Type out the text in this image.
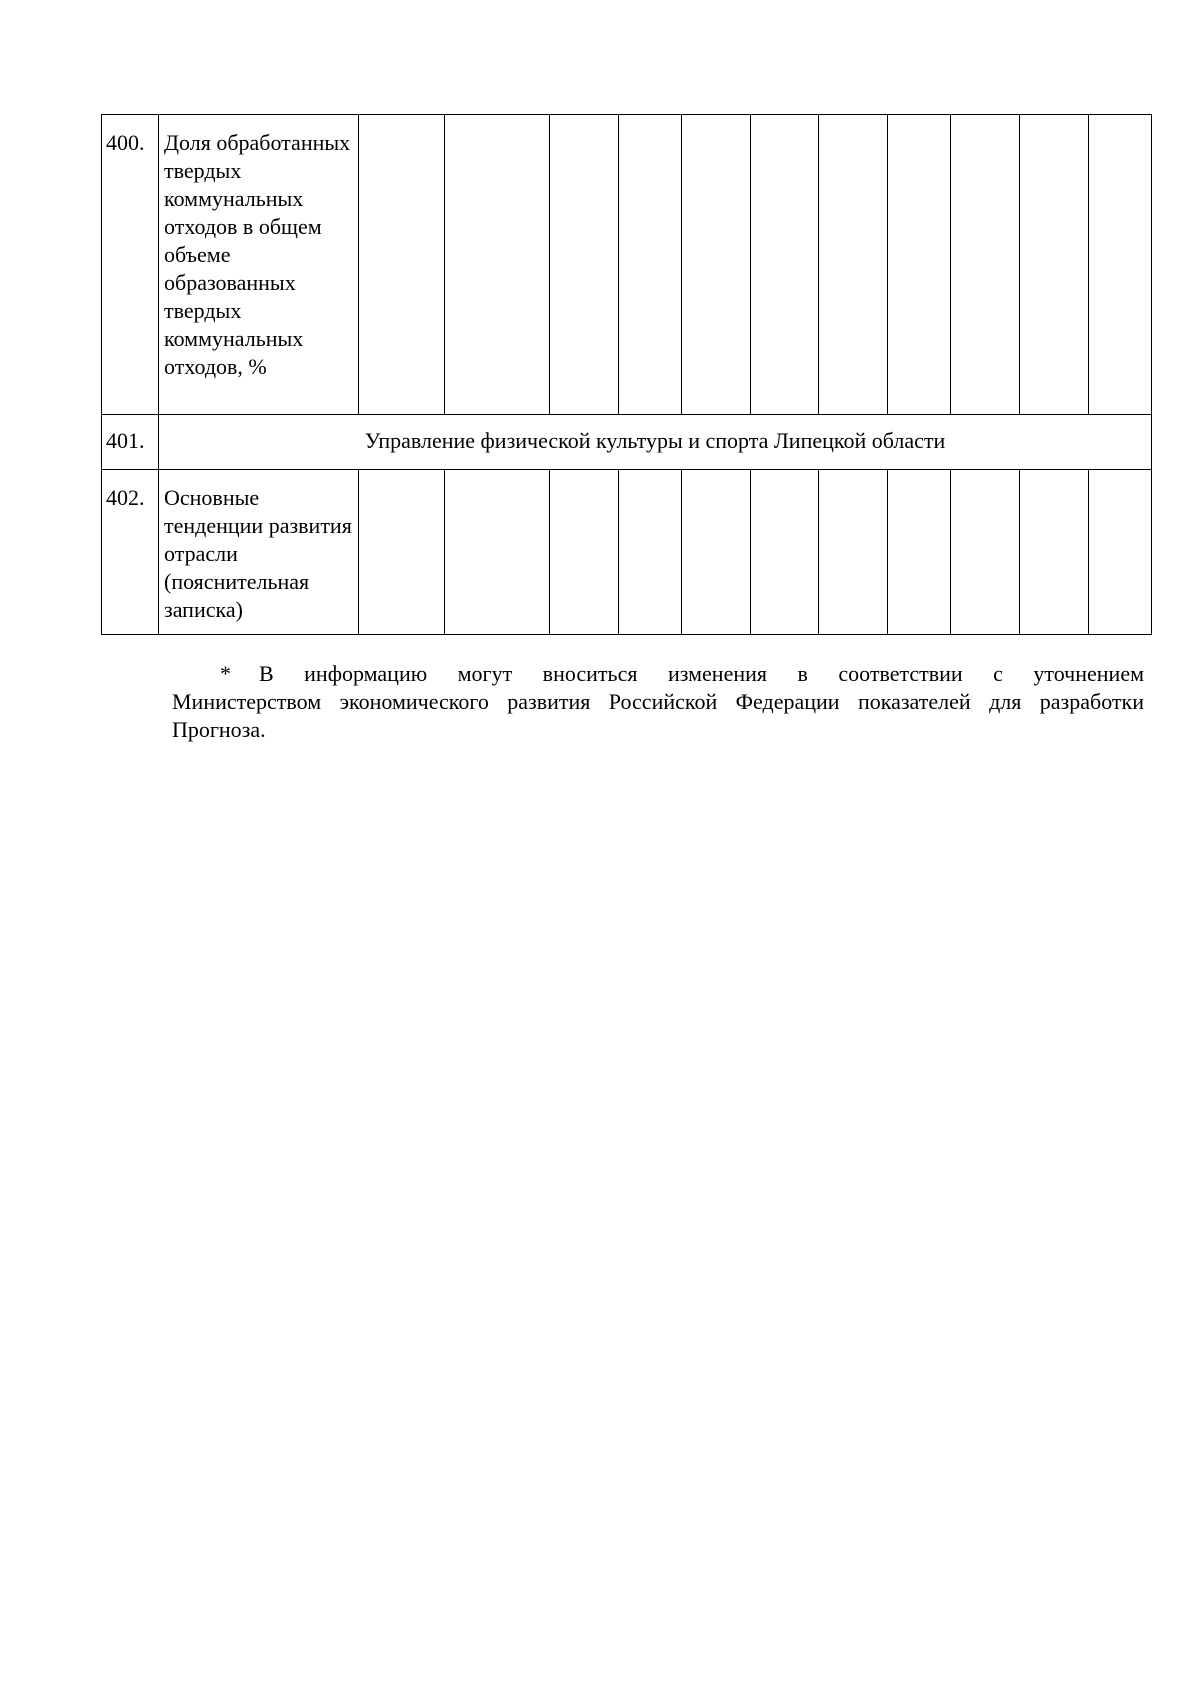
400.	Доля обработанных твердых коммунальных отходов в общем объеме образованных твердых коммунальных отходов, %											
401.	Управление физической культуры и спорта Липецкой области											
402.	Основные тенденции развития отрасли (пояснительная записка)											
* В информацию могут вноситься изменения в соответствии с уточнением
Министерством экономического развития Российской Федерации показателей для разработки Прогноза.
